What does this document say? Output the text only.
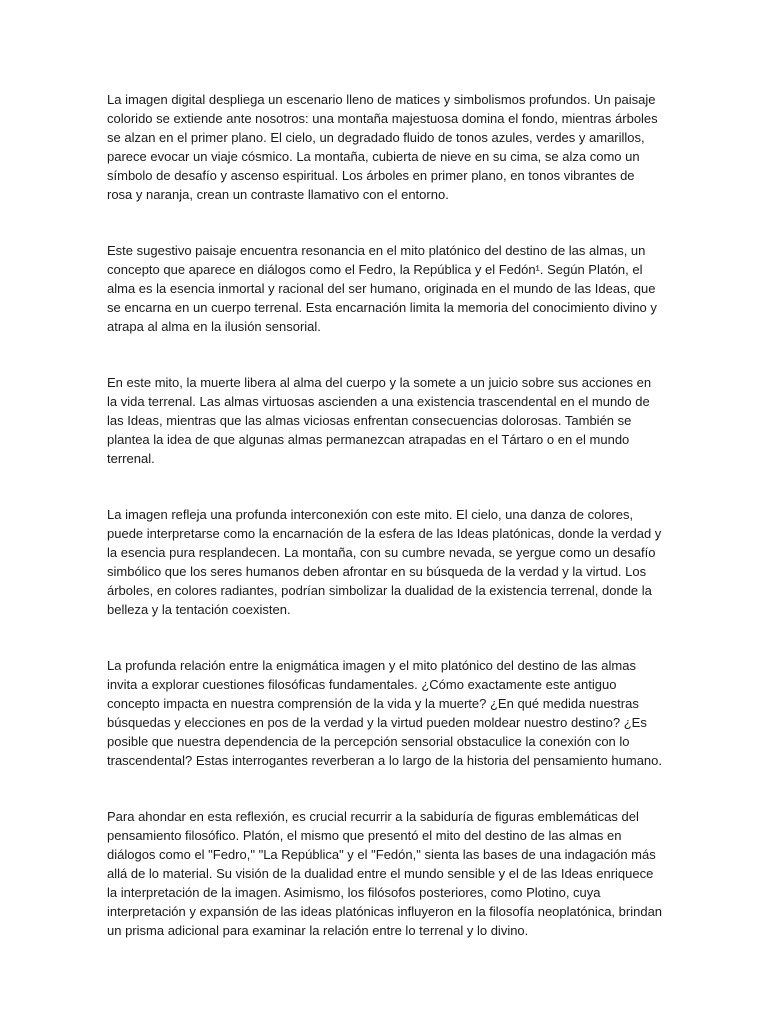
La imagen digital despliega un escenario lleno de matices y simbolismos profundos. Un paisaje colorido se extiende ante nosotros: una montaña majestuosa domina el fondo, mientras árboles se alzan en el primer plano. El cielo, un degradado fluido de tonos azules, verdes y amarillos, parece evocar un viaje cósmico. La montaña, cubierta de nieve en su cima, se alza como un símbolo de desafío y ascenso espiritual. Los árboles en primer plano, en tonos vibrantes de rosa y naranja, crean un contraste llamativo con el entorno.

Este sugestivo paisaje encuentra resonancia en el mito platónico del destino de las almas, un concepto que aparece en diálogos como el Fedro, la República y el Fedón¹. Según Platón, el alma es la esencia inmortal y racional del ser humano, originada en el mundo de las Ideas, que se encarna en un cuerpo terrenal. Esta encarnación limita la memoria del conocimiento divino y atrapa al alma en la ilusión sensorial.

En este mito, la muerte libera al alma del cuerpo y la somete a un juicio sobre sus acciones en la vida terrenal. Las almas virtuosas ascienden a una existencia trascendental en el mundo de las Ideas, mientras que las almas viciosas enfrentan consecuencias dolorosas. También se plantea la idea de que algunas almas permanezcan atrapadas en el Tártaro o en el mundo terrenal.

La imagen refleja una profunda interconexión con este mito. El cielo, una danza de colores, puede interpretarse como la encarnación de la esfera de las Ideas platónicas, donde la verdad y la esencia pura resplandecen. La montaña, con su cumbre nevada, se yergue como un desafío simbólico que los seres humanos deben afrontar en su búsqueda de la verdad y la virtud. Los árboles, en colores radiantes, podrían simbolizar la dualidad de la existencia terrenal, donde la belleza y la tentación coexisten.

La profunda relación entre la enigmática imagen y el mito platónico del destino de las almas invita a explorar cuestiones filosóficas fundamentales. ¿Cómo exactamente este antiguo concepto impacta en nuestra comprensión de la vida y la muerte? ¿En qué medida nuestras búsquedas y elecciones en pos de la verdad y la virtud pueden moldear nuestro destino? ¿Es posible que nuestra dependencia de la percepción sensorial obstaculice la conexión con lo trascendental? Estas interrogantes reverberan a lo largo de la historia del pensamiento humano.

Para ahondar en esta reflexión, es crucial recurrir a la sabiduría de figuras emblemáticas del pensamiento filosófico. Platón, el mismo que presentó el mito del destino de las almas en diálogos como el "Fedro," "La República" y el "Fedón," sienta las bases de una indagación más allá de lo material. Su visión de la dualidad entre el mundo sensible y el de las Ideas enriquece la interpretación de la imagen. Asimismo, los filósofos posteriores, como Plotino, cuya interpretación y expansión de las ideas platónicas influyeron en la filosofía neoplatónica, brindan un prisma adicional para examinar la relación entre lo terrenal y lo divino.
